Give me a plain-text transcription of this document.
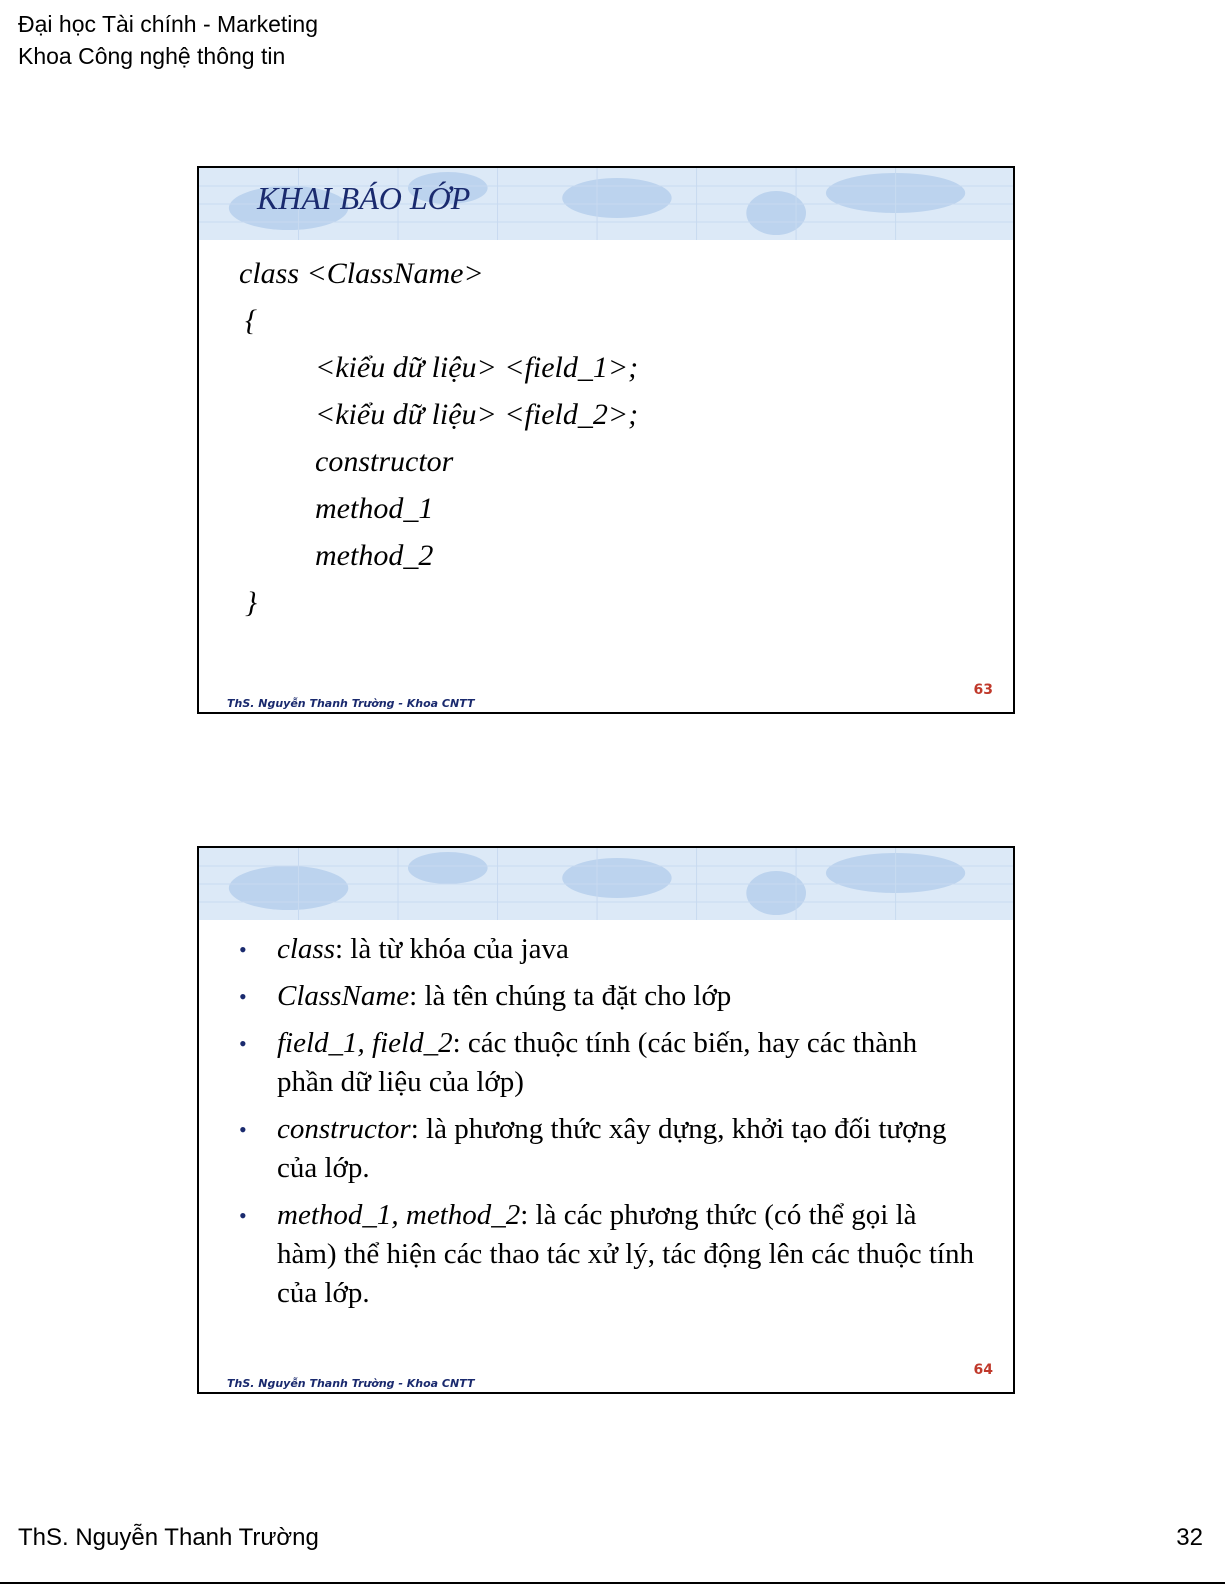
Đại học Tài chính - Marketing
Khoa Công nghệ thông tin
KHAI BÁO LỚP
class <ClassName>
{
<kiểu dữ liệu> <field_1>;
<kiểu dữ liệu> <field_2>;
constructor
method_1
method_2
}
ThS. Nguyễn Thanh Trường - Khoa CNTT
63
• class: là từ khóa của java
• ClassName: là tên chúng ta đặt cho lớp
• field_1, field_2: các thuộc tính (các biến, hay các thành phần dữ liệu của lớp)
• constructor: là phương thức xây dựng, khởi tạo đối tượng của lớp.
• method_1, method_2: là các phương thức (có thể gọi là hàm) thể hiện các thao tác xử lý, tác động lên các thuộc tính của lớp.
ThS. Nguyễn Thanh Trường - Khoa CNTT
64
ThS. Nguyễn Thanh Trường	32
